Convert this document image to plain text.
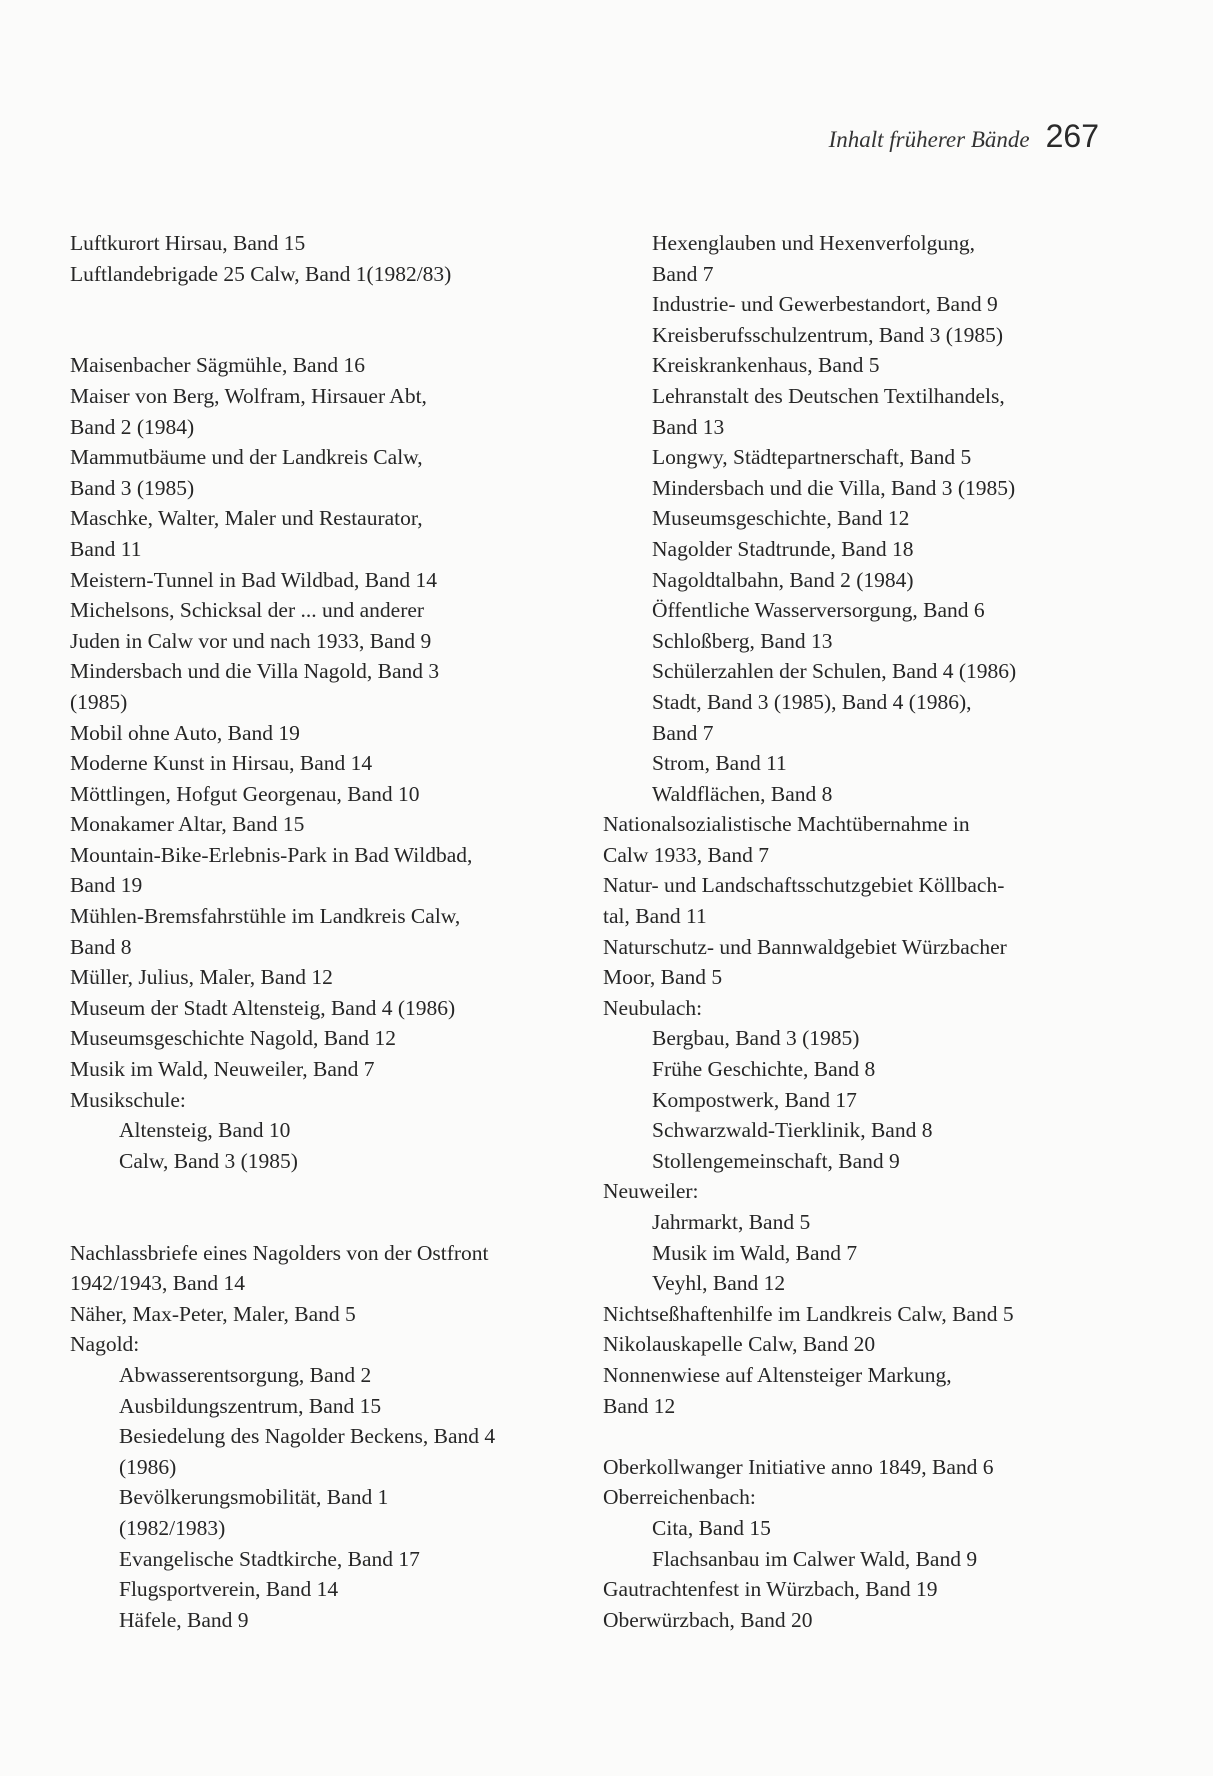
Inhalt früherer Bände 267
Luftkurort Hirsau, Band 15
Luftlandebrigade 25 Calw, Band 1(1982/83)
Maisenbacher Sägmühle, Band 16
Maiser von Berg, Wolfram, Hirsauer Abt,
Band 2 (1984)
Mammutbäume und der Landkreis Calw,
Band 3 (1985)
Maschke, Walter, Maler und Restaurator,
Band 11
Meistern-Tunnel in Bad Wildbad, Band 14
Michelsons, Schicksal der ... und anderer
Juden in Calw vor und nach 1933, Band 9
Mindersbach und die Villa Nagold, Band 3
(1985)
Mobil ohne Auto, Band 19
Moderne Kunst in Hirsau, Band 14
Möttlingen, Hofgut Georgenau, Band 10
Monakamer Altar, Band 15
Mountain-Bike-Erlebnis-Park in Bad Wildbad,
Band 19
Mühlen-Bremsfahrstühle im Landkreis Calw,
Band 8
Müller, Julius, Maler, Band 12
Museum der Stadt Altensteig, Band 4 (1986)
Museumsgeschichte Nagold, Band 12
Musik im Wald, Neuweiler, Band 7
Musikschule:
Altensteig, Band 10
Calw, Band 3 (1985)
Nachlassbriefe eines Nagolders von der Ostfront
1942/1943, Band 14
Näher, Max-Peter, Maler, Band 5
Nagold:
Abwasserentsorgung, Band 2
Ausbildungszentrum, Band 15
Besiedelung des Nagolder Beckens, Band 4
(1986)
Bevölkerungsmobilität, Band 1
(1982/1983)
Evangelische Stadtkirche, Band 17
Flugsportverein, Band 14
Häfele, Band 9
Hexenglauben und Hexenverfolgung,
Band 7
Industrie- und Gewerbestandort, Band 9
Kreisberufsschulzentrum, Band 3 (1985)
Kreiskrankenhaus, Band 5
Lehranstalt des Deutschen Textilhandels,
Band 13
Longwy, Städtepartnerschaft, Band 5
Mindersbach und die Villa, Band 3 (1985)
Museumsgeschichte, Band 12
Nagolder Stadtrunde, Band 18
Nagoldtalbahn, Band 2 (1984)
Öffentliche Wasserversorgung, Band 6
Schloßberg, Band 13
Schülerzahlen der Schulen, Band 4 (1986)
Stadt, Band 3 (1985), Band 4 (1986),
Band 7
Strom, Band 11
Waldflächen, Band 8
Nationalsozialistische Machtübernahme in
Calw 1933, Band 7
Natur- und Landschaftsschutzgebiet Köllbach-
tal, Band 11
Naturschutz- und Bannwaldgebiet Würzbacher
Moor, Band 5
Neubulach:
Bergbau, Band 3 (1985)
Frühe Geschichte, Band 8
Kompostwerk, Band 17
Schwarzwald-Tierklinik, Band 8
Stollengemeinschaft, Band 9
Neuweiler:
Jahrmarkt, Band 5
Musik im Wald, Band 7
Veyhl, Band 12
Nichtseßhaftenhilfe im Landkreis Calw, Band 5
Nikolauskapelle Calw, Band 20
Nonnenwiese auf Altensteiger Markung,
Band 12
Oberkollwanger Initiative anno 1849, Band 6
Oberreichenbach:
Cita, Band 15
Flachsanbau im Calwer Wald, Band 9
Gautrachtenfest in Würzbach, Band 19
Oberwürzbach, Band 20
